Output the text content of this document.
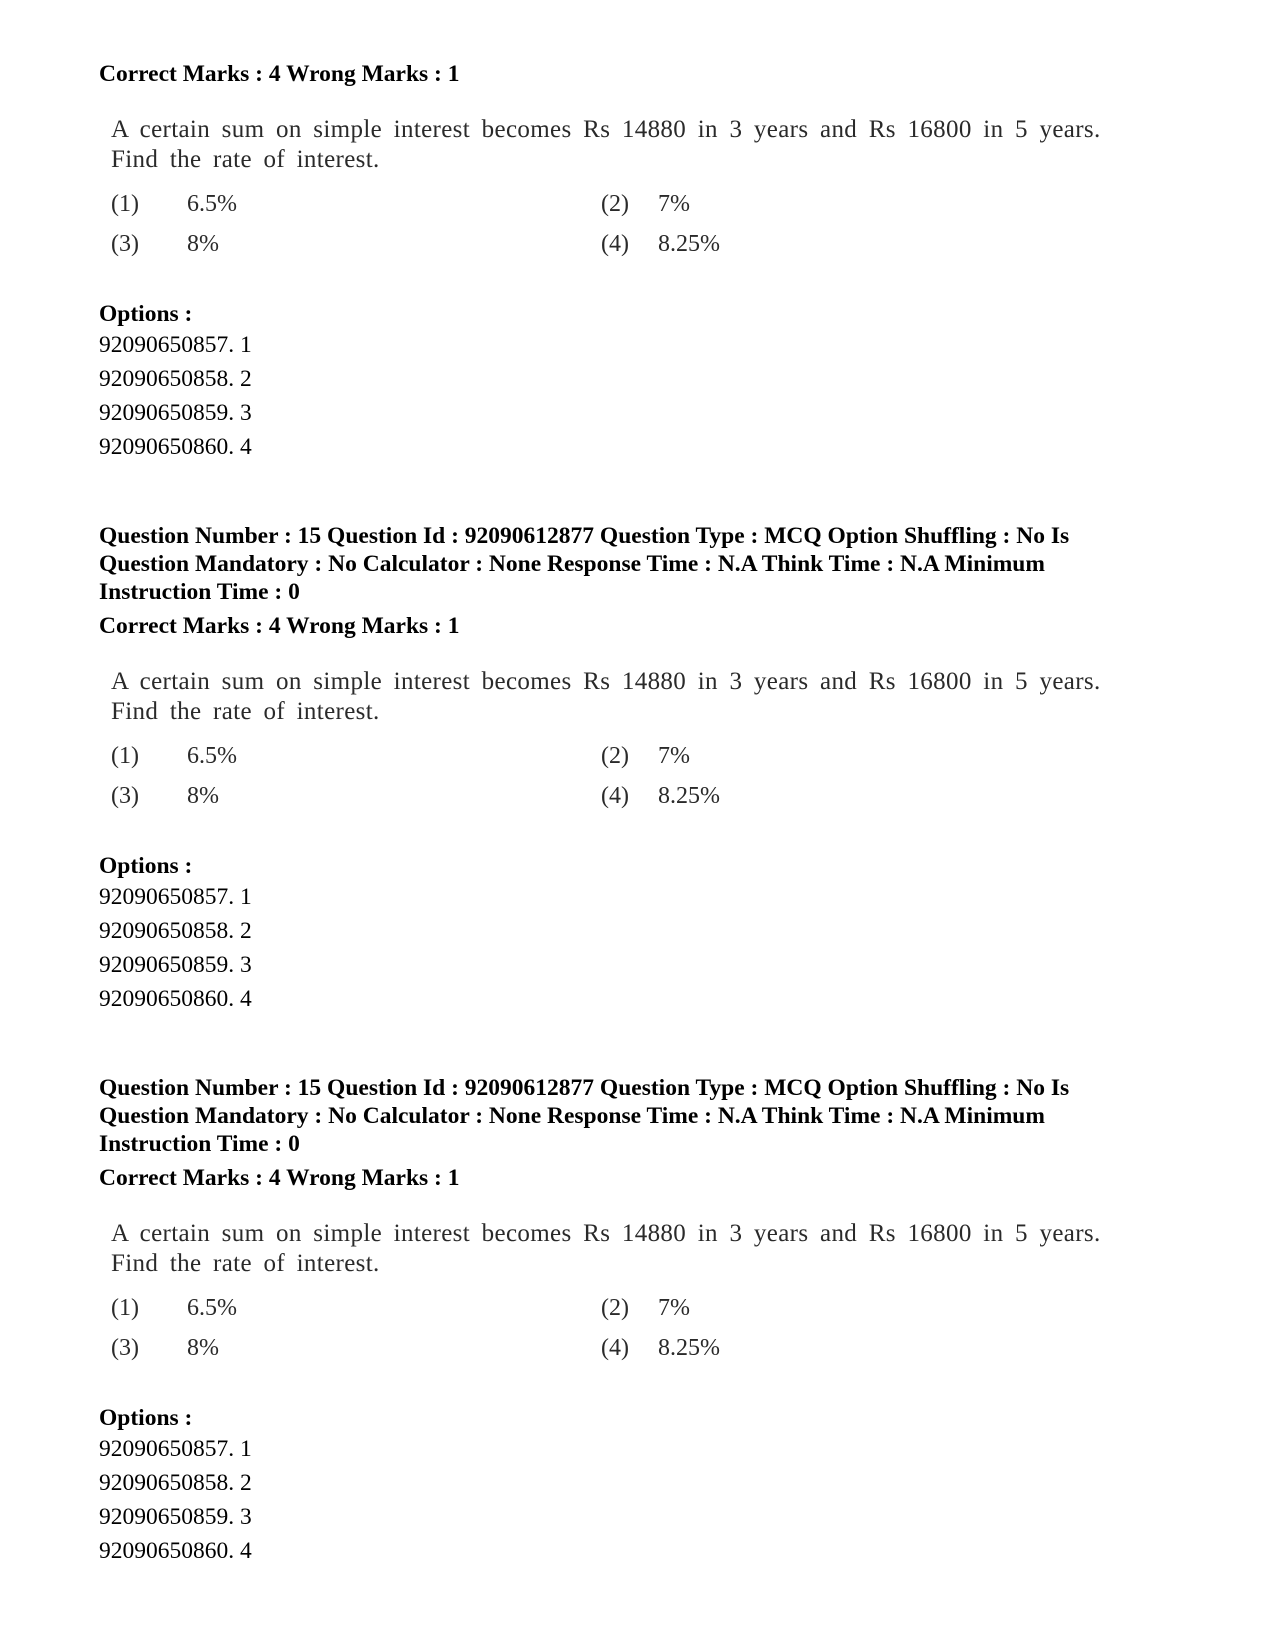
Correct Marks : 4 Wrong Marks : 1

A certain sum on simple interest becomes Rs 14880 in 3 years and Rs 16800 in 5 years. Find the rate of interest.

(1) 6.5%	(2) 7%
(3) 8%	(4) 8.25%

Options :

92090650857. 1

92090650858. 2

92090650859. 3

92090650860. 4

Question Number : 15 Question Id : 92090612877 Question Type : MCQ Option Shuffling : No Is Question Mandatory : No Calculator : None Response Time : N.A Think Time : N.A Minimum Instruction Time : 0

Correct Marks : 4 Wrong Marks : 1

A certain sum on simple interest becomes Rs 14880 in 3 years and Rs 16800 in 5 years. Find the rate of interest.

(1) 6.5%	(2) 7%
(3) 8%	(4) 8.25%

Options :

92090650857. 1

92090650858. 2

92090650859. 3

92090650860. 4

Question Number : 15 Question Id : 92090612877 Question Type : MCQ Option Shuffling : No Is Question Mandatory : No Calculator : None Response Time : N.A Think Time : N.A Minimum Instruction Time : 0

Correct Marks : 4 Wrong Marks : 1

A certain sum on simple interest becomes Rs 14880 in 3 years and Rs 16800 in 5 years. Find the rate of interest.

(1) 6.5%	(2) 7%
(3) 8%	(4) 8.25%

Options :

92090650857. 1

92090650858. 2

92090650859. 3

92090650860. 4
